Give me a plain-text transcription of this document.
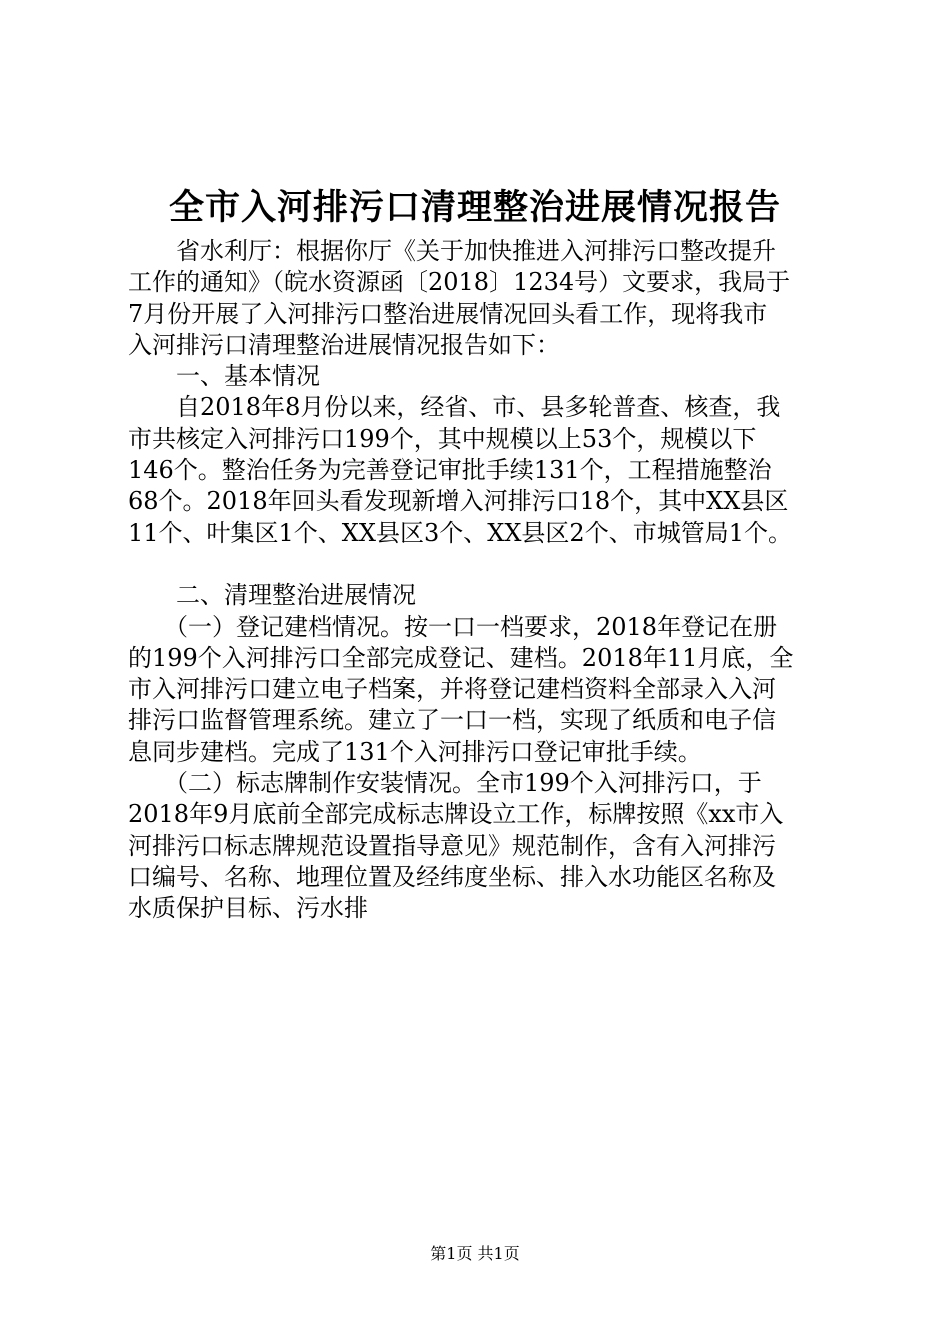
全市入河排污口清理整治进展情况报告
　　省水利厅：根据你厅《关于加快推进入河排污口整改提升
工作的通知》（皖水资源函〔2018〕1234号）文要求，我局于
7月份开展了入河排污口整治进展情况回头看工作，现将我市
入河排污口清理整治进展情况报告如下：
　　一、基本情况
　　自2018年8月份以来，经省、市、县多轮普查、核查，我
市共核定入河排污口199个，其中规模以上53个，规模以下
146个。整治任务为完善登记审批手续131个，工程措施整治
68个。2018年回头看发现新增入河排污口18个，其中XX县区
11个、叶集区1个、XX县区3个、XX县区2个、市城管局1个。
　　二、清理整治进展情况
　　（一）登记建档情况。按一口一档要求，2018年登记在册
的199个入河排污口全部完成登记、建档。2018年11月底，全
市入河排污口建立电子档案，并将登记建档资料全部录入入河
排污口监督管理系统。建立了一口一档，实现了纸质和电子信
息同步建档。完成了131个入河排污口登记审批手续。
　　（二）标志牌制作安装情况。全市199个入河排污口，于
2018年9月底前全部完成标志牌设立工作，标牌按照《xx市入
河排污口标志牌规范设置指导意见》规范制作，含有入河排污
口编号、名称、地理位置及经纬度坐标、排入水功能区名称及
水质保护目标、污水排
第1页 共1页
